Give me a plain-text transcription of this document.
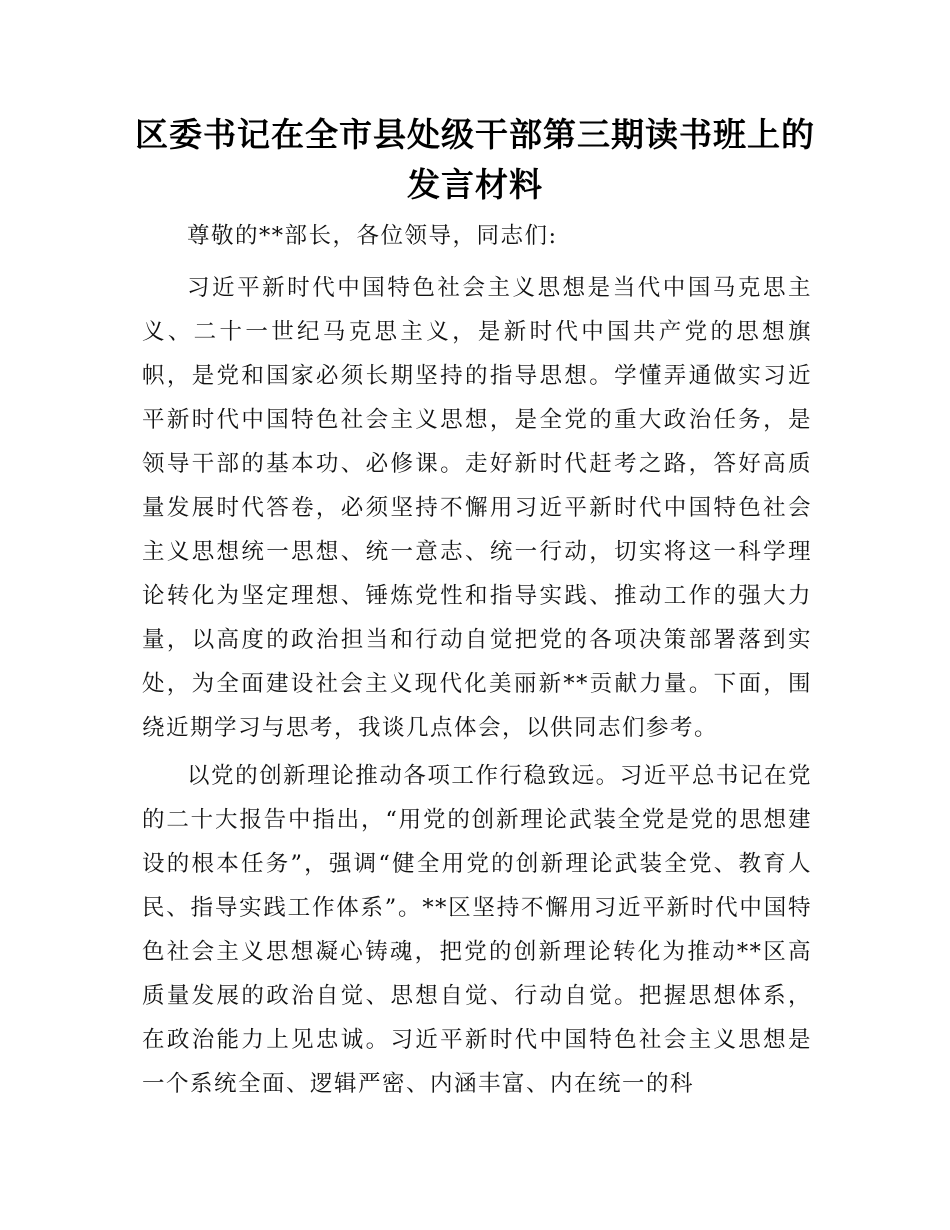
区委书记在全市县处级干部第三期读书班上的
发言材料

尊敬的**部长，各位领导，同志们:

习近平新时代中国特色社会主义思想是当代中国马克思主义、二十一世纪马克思主义，是新时代中国共产党的思想旗帜，是党和国家必须长期坚持的指导思想。学懂弄通做实习近平新时代中国特色社会主义思想，是全党的重大政治任务，是领导干部的基本功、必修课。走好新时代赶考之路，答好高质量发展时代答卷，必须坚持不懈用习近平新时代中国特色社会主义思想统一思想、统一意志、统一行动，切实将这一科学理论转化为坚定理想、锤炼党性和指导实践、推动工作的强大力量，以高度的政治担当和行动自觉把党的各项决策部署落到实处，为全面建设社会主义现代化美丽新**贡献力量。下面，围绕近期学习与思考，我谈几点体会，以供同志们参考。

以党的创新理论推动各项工作行稳致远。习近平总书记在党的二十大报告中指出，“用党的创新理论武装全党是党的思想建设的根本任务”，强调“健全用党的创新理论武装全党、教育人民、指导实践工作体系”。**区坚持不懈用习近平新时代中国特色社会主义思想凝心铸魂，把党的创新理论转化为推动**区高质量发展的政治自觉、思想自觉、行动自觉。把握思想体系，在政治能力上见忠诚。习近平新时代中国特色社会主义思想是一个系统全面、逻辑严密、内涵丰富、内在统一的科
